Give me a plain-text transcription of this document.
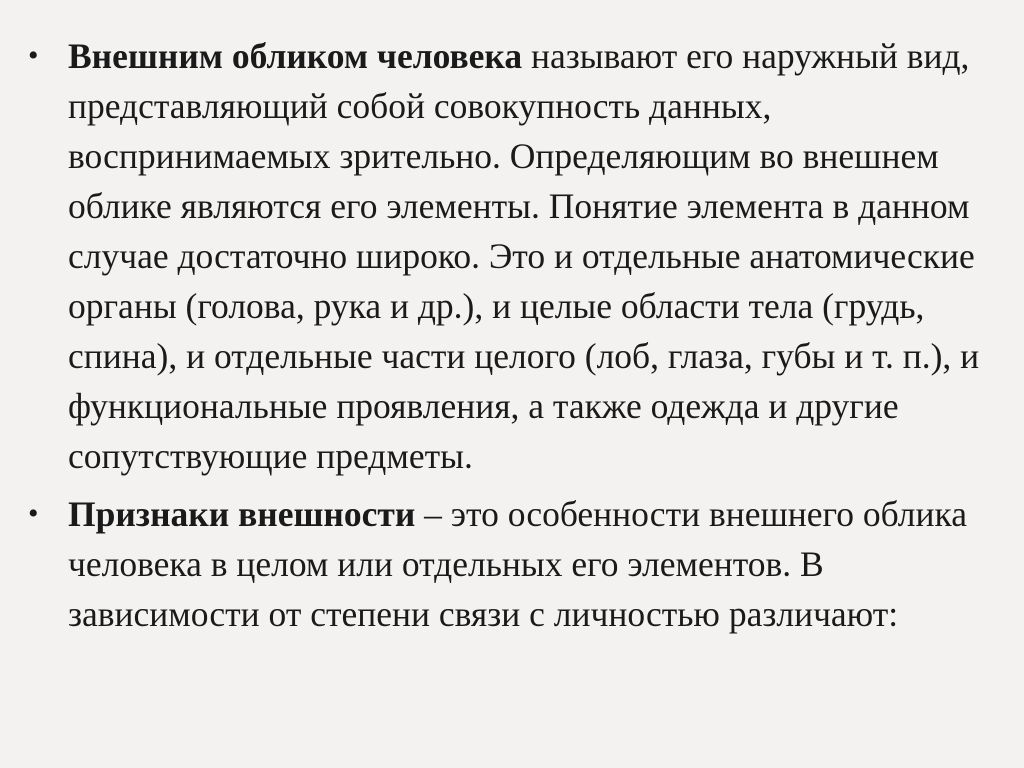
• Внешним обликом человека называют его наружный вид, представляющий собой совокупность данных, воспринимаемых зрительно. Определяющим во внешнем облике являются его элементы. Понятие элемента в данном случае достаточно широко. Это и отдельные анатомические органы (голова, рука и др.), и целые области тела (грудь, спина), и отдельные части целого (лоб, глаза, губы и т. п.), и функциональные проявления, а также одежда и другие сопутствующие предметы.
• Признаки внешности – это особенности внешнего облика человека в целом или отдельных его элементов. В зависимости от степени связи с личностью различают:
